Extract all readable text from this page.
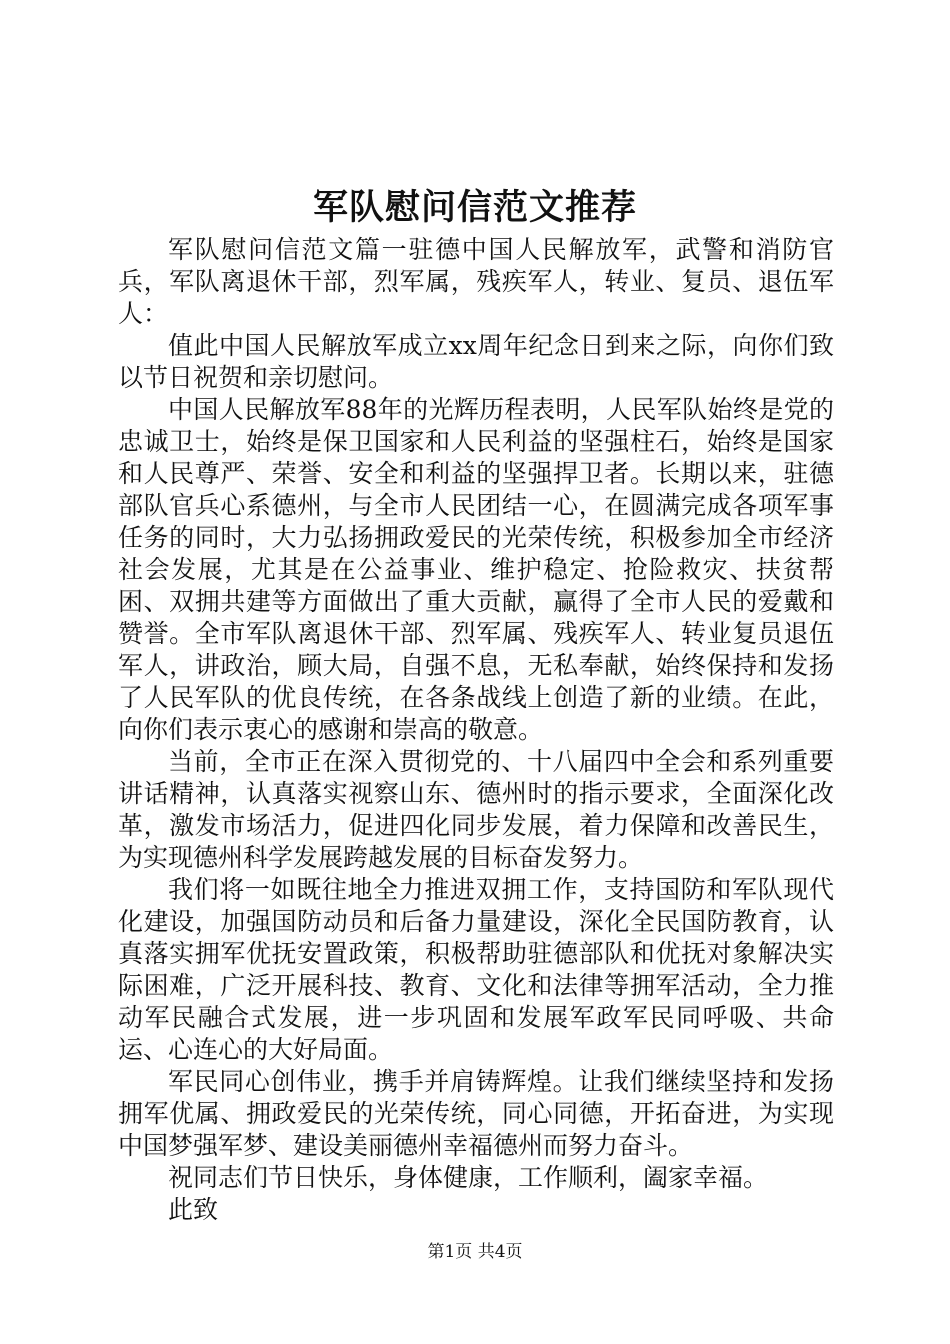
军队慰问信范文推荐

军队慰问信范文篇一驻德中国人民解放军，武警和消防官兵，军队离退休干部，烈军属，残疾军人，转业、复员、退伍军人：

值此中国人民解放军成立xx周年纪念日到来之际，向你们致以节日祝贺和亲切慰问。

中国人民解放军88年的光辉历程表明，人民军队始终是党的忠诚卫士，始终是保卫国家和人民利益的坚强柱石，始终是国家和人民尊严、荣誉、安全和利益的坚强捍卫者。长期以来，驻德部队官兵心系德州，与全市人民团结一心，在圆满完成各项军事任务的同时，大力弘扬拥政爱民的光荣传统，积极参加全市经济社会发展，尤其是在公益事业、维护稳定、抢险救灾、扶贫帮困、双拥共建等方面做出了重大贡献，赢得了全市人民的爱戴和赞誉。全市军队离退休干部、烈军属、残疾军人、转业复员退伍军人，讲政治，顾大局，自强不息，无私奉献，始终保持和发扬了人民军队的优良传统，在各条战线上创造了新的业绩。在此，向你们表示衷心的感谢和崇高的敬意。

当前，全市正在深入贯彻党的、十八届四中全会和系列重要讲话精神，认真落实视察山东、德州时的指示要求，全面深化改革，激发市场活力，促进四化同步发展，着力保障和改善民生，为实现德州科学发展跨越发展的目标奋发努力。

我们将一如既往地全力推进双拥工作，支持国防和军队现代化建设，加强国防动员和后备力量建设，深化全民国防教育，认真落实拥军优抚安置政策，积极帮助驻德部队和优抚对象解决实际困难，广泛开展科技、教育、文化和法律等拥军活动，全力推动军民融合式发展，进一步巩固和发展军政军民同呼吸、共命运、心连心的大好局面。

军民同心创伟业，携手并肩铸辉煌。让我们继续坚持和发扬拥军优属、拥政爱民的光荣传统，同心同德，开拓奋进，为实现中国梦强军梦、建设美丽德州幸福德州而努力奋斗。

祝同志们节日快乐，身体健康，工作顺利，阖家幸福。

此致

第1页 共4页
